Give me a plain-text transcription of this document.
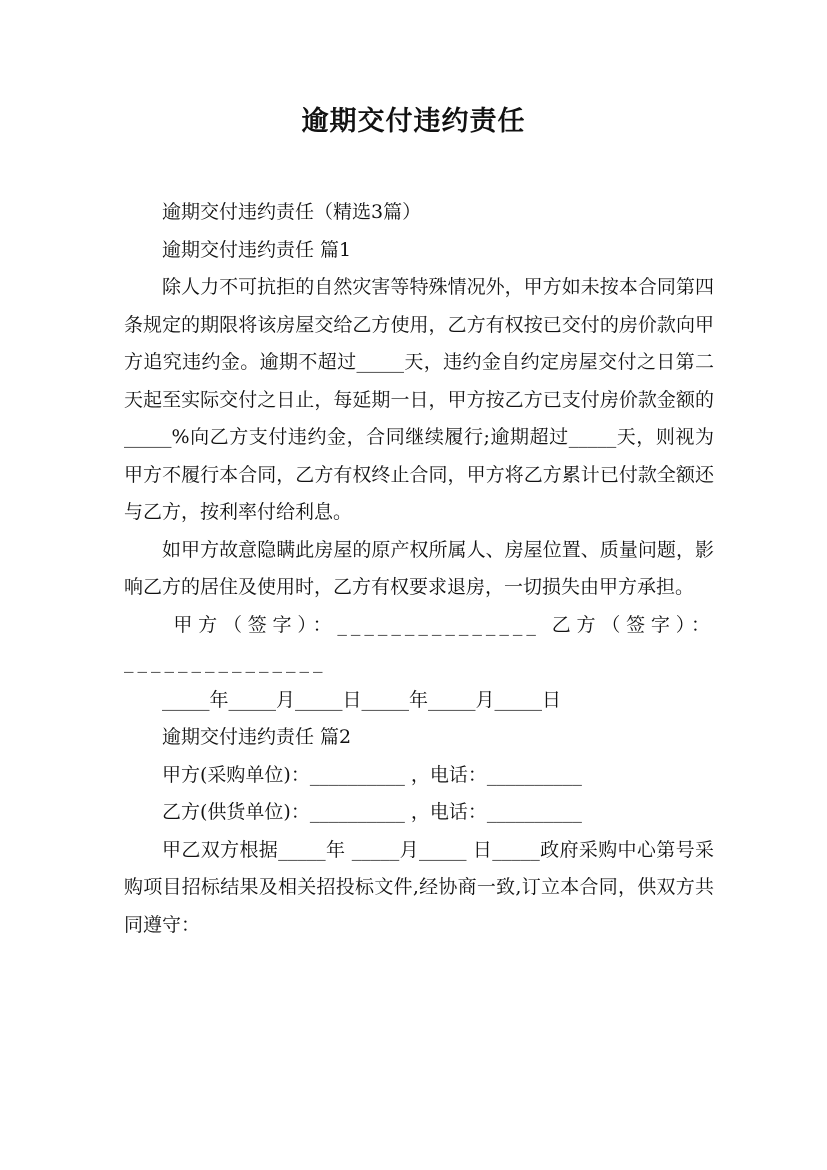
逾期交付违约责任

逾期交付违约责任（精选3篇）

逾期交付违约责任 篇1

除人力不可抗拒的自然灾害等特殊情况外，甲方如未按本合同第四条规定的期限将该房屋交给乙方使用，乙方有权按已交付的房价款向甲方追究违约金。逾期不超过_____天，违约金自约定房屋交付之日第二天起至实际交付之日止，每延期一日，甲方按乙方已支付房价款金额的_____%向乙方支付违约金，合同继续履行;逾期超过_____天，则视为甲方不履行本合同，乙方有权终止合同，甲方将乙方累计已付款全额还与乙方，按利率付给利息。

如甲方故意隐瞒此房屋的原产权所属人、房屋位置、质量问题，影响乙方的居住及使用时，乙方有权要求退房，一切损失由甲方承担。

甲方（签字）：_______________ 乙方（签字）：_______________

_____年_____月_____日_____年_____月_____日

逾期交付违约责任 篇2

甲方(采购单位)：__________ ，电话：__________

乙方(供货单位)：__________ ，电话：__________

甲乙双方根据_____年 _____月_____ 日_____政府采购中心第号采购项目招标结果及相关招投标文件,经协商一致,订立本合同，供双方共同遵守：
